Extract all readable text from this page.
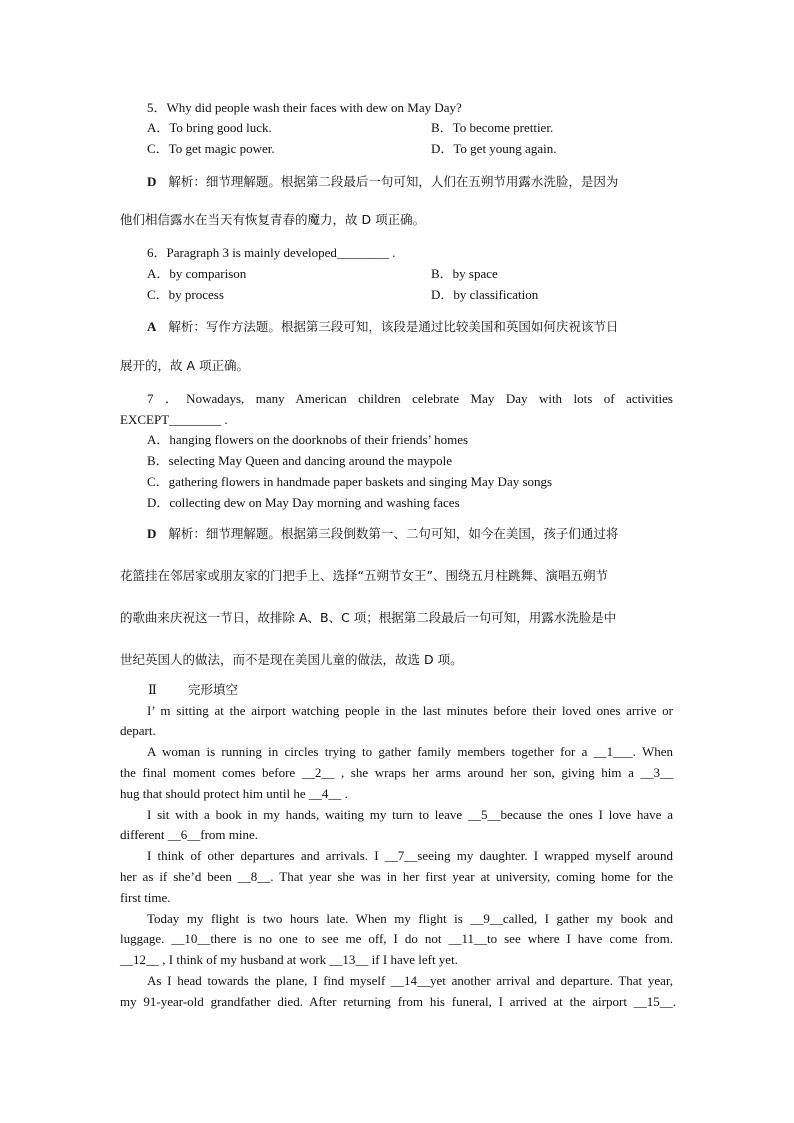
5．Why did people wash their faces with dew on May Day?
A．To bring good luck.	B．To become prettier.
C．To get magic power.	D．To get young again.
D 解析：细节理解题。根据第二段最后一句可知，人们在五朔节用露水洗脸，是因为
他们相信露水在当天有恢复青春的魔力，故 D 项正确。
6．Paragraph 3 is mainly developed________ .
A．by comparison	B．by space
C．by process	D．by classification
A 解析：写作方法题。根据第三段可知，该段是通过比较美国和英国如何庆祝该节日
展开的，故 A 项正确。
7 ．Nowadays, many American children celebrate May Day with lots of activities
EXCEPT________ .
A．hanging flowers on the doorknobs of their friends’ homes
B．selecting May Queen and dancing around the maypole
C．gathering flowers in handmade paper baskets and singing May Day songs
D．collecting dew on May Day morning and washing faces
D 解析：细节理解题。根据第三段倒数第一、二句可知，如今在美国，孩子们通过将
花篮挂在邻居家或朋友家的门把手上、选择“五朔节女王”、围绕五月柱跳舞、演唱五朔节
的歌曲来庆祝这一节日，故排除 A、B、C 项；根据第二段最后一句可知，用露水洗脸是中
世纪英国人的做法，而不是现在美国儿童的做法，故选 D 项。
Ⅱ 完形填空
I’ m sitting at the airport watching people in the last minutes before their loved ones arrive or
depart.
A woman is running in circles trying to gather family members together for a __1___. When
the final moment comes before __2__ , she wraps her arms around her son, giving him a __3__
hug that should protect him until he __4__ .
I sit with a book in my hands, waiting my turn to leave __5__because the ones I love have a
different __6__from mine.
I think of other departures and arrivals. I __7__seeing my daughter. I wrapped myself around
her as if she’d been __8__. That year she was in her first year at university, coming home for the
first time.
Today my flight is two hours late. When my flight is __9__called, I gather my book and
luggage. __10__there is no one to see me off, I do not __11__to see where I have come from.
__12__ , I think of my husband at work __13__ if I have left yet.
As I head towards the plane, I find myself __14__yet another arrival and departure. That year,
my 91-year-old grandfather died. After returning from his funeral, I arrived at the airport __15__.
